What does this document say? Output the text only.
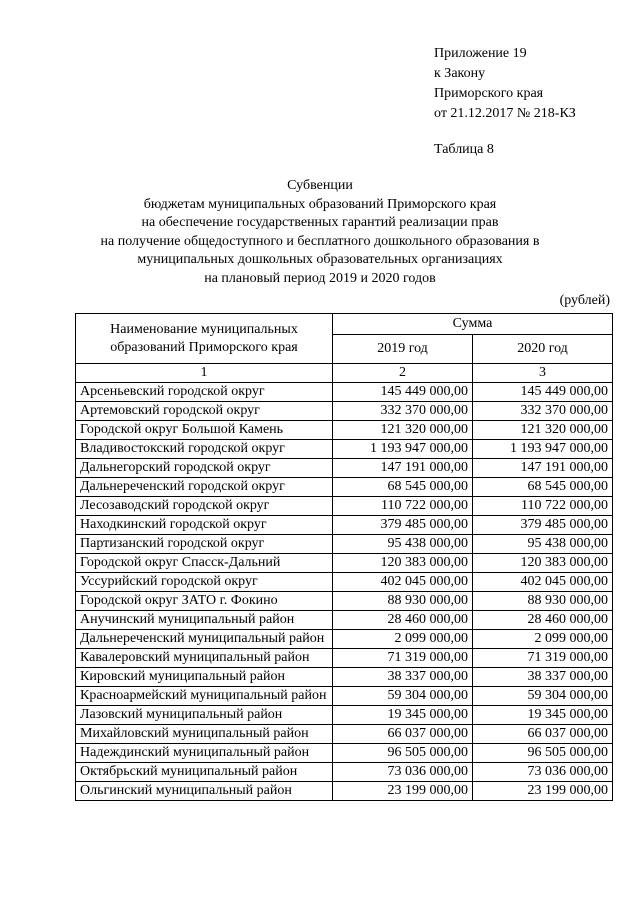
Приложение 19
к Закону
Приморского края
от 21.12.2017 № 218-КЗ
Таблица 8
Субвенции
бюджетам муниципальных образований Приморского края
на обеспечение государственных гарантий реализации прав
на получение общедоступного и бесплатного дошкольного образования в
муниципальных дошкольных образовательных организациях
на плановый период 2019 и 2020 годов
(рублей)
Наименование муниципальных образований Приморского края	Сумма	
	2019 год	2020 год
1	2	3
Арсеньевский городской округ	145 449 000,00	145 449 000,00
Артемовский городской округ	332 370 000,00	332 370 000,00
Городской округ Большой Камень	121 320 000,00	121 320 000,00
Владивостокский городской округ	1 193 947 000,00	1 193 947 000,00
Дальнегорский городской округ	147 191 000,00	147 191 000,00
Дальнереченский городской округ	68 545 000,00	68 545 000,00
Лесозаводский городской округ	110 722 000,00	110 722 000,00
Находкинский городской округ	379 485 000,00	379 485 000,00
Партизанский городской округ	95 438 000,00	95 438 000,00
Городской округ Спасск-Дальний	120 383 000,00	120 383 000,00
Уссурийский городской округ	402 045 000,00	402 045 000,00
Городской округ ЗАТО г. Фокино	88 930 000,00	88 930 000,00
Анучинский муниципальный район	28 460 000,00	28 460 000,00
Дальнереченский муниципальный район	2 099 000,00	2 099 000,00
Кавалеровский муниципальный район	71 319 000,00	71 319 000,00
Кировский муниципальный район	38 337 000,00	38 337 000,00
Красноармейский муниципальный район	59 304 000,00	59 304 000,00
Лазовский муниципальный район	19 345 000,00	19 345 000,00
Михайловский муниципальный район	66 037 000,00	66 037 000,00
Надеждинский муниципальный район	96 505 000,00	96 505 000,00
Октябрьский муниципальный район	73 036 000,00	73 036 000,00
Ольгинский муниципальный район	23 199 000,00	23 199 000,00
